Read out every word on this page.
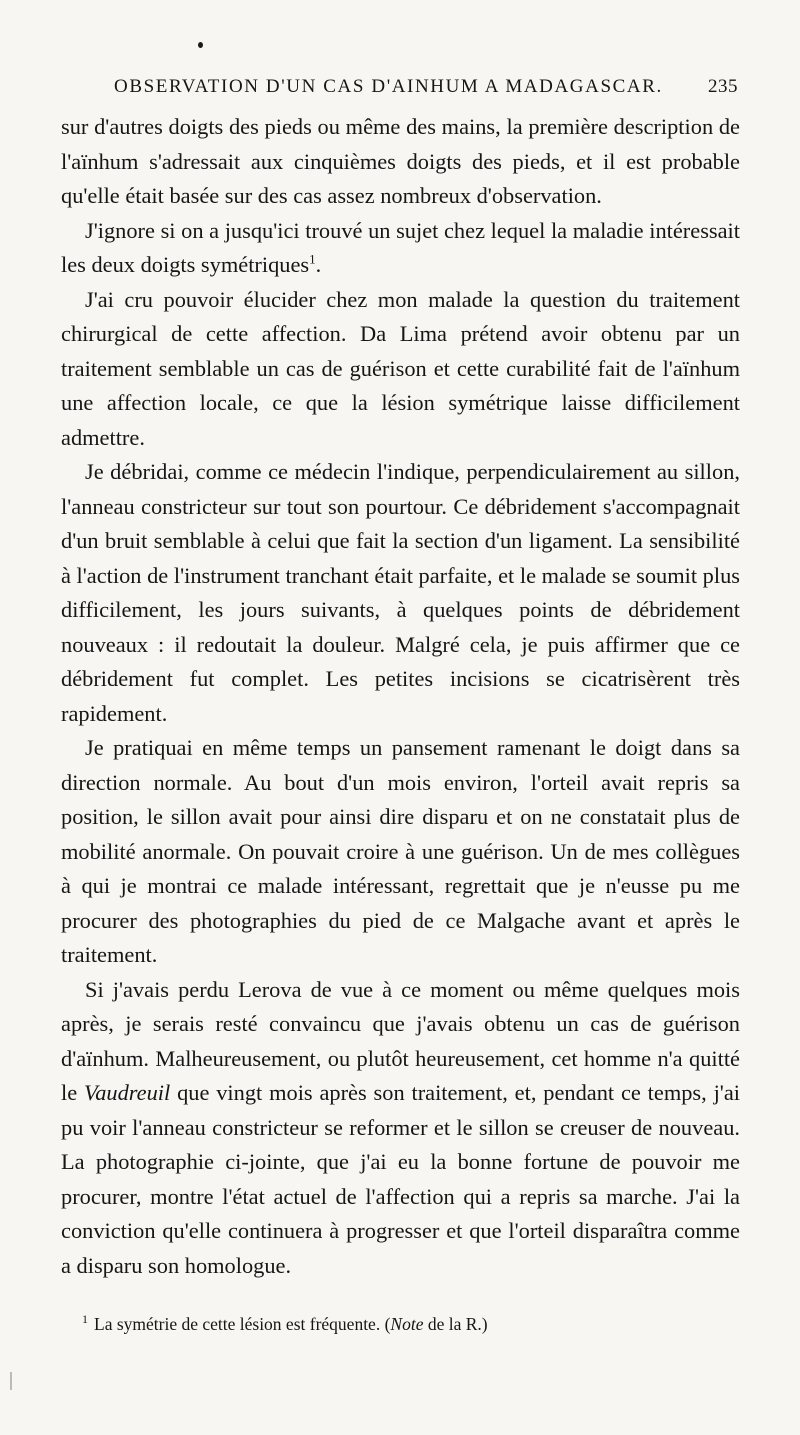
OBSERVATION D'UN CAS D'AINHUM A MADAGASCAR. 235

sur d'autres doigts des pieds ou même des mains, la première description de l'aïnhum s'adressait aux cinquièmes doigts des pieds, et il est probable qu'elle était basée sur des cas assez nombreux d'observation.

J'ignore si on a jusqu'ici trouvé un sujet chez lequel la maladie intéressait les deux doigts symétriques$^1$.

J'ai cru pouvoir élucider chez mon malade la question du traitement chirurgical de cette affection. Da Lima prétend avoir obtenu par un traitement semblable un cas de guérison et cette curabilité fait de l'aïnhum une affection locale, ce que la lésion symétrique laisse difficilement admettre.

Je débridai, comme ce médecin l'indique, perpendiculairement au sillon, l'anneau constricteur sur tout son pourtour. Ce débridement s'accompagnait d'un bruit semblable à celui que fait la section d'un ligament. La sensibilité à l'action de l'instrument tranchant était parfaite, et le malade se soumit plus difficilement, les jours suivants, à quelques points de débridement nouveaux : il redoutait la douleur. Malgré cela, je puis affirmer que ce débridement fut complet. Les petites incisions se cicatrisèrent très rapidement.

Je pratiquai en même temps un pansement ramenant le doigt dans sa direction normale. Au bout d'un mois environ, l'orteil avait repris sa position, le sillon avait pour ainsi dire disparu et on ne constatait plus de mobilité anormale. On pouvait croire à une guérison. Un de mes collègues à qui je montrai ce malade intéressant, regrettait que je n'eusse pu me procurer des photographies du pied de ce Malgache avant et après le traitement.

Si j'avais perdu Lerova de vue à ce moment ou même quelques mois après, je serais resté convaincu que j'avais obtenu un cas de guérison d'aïnhum. Malheureusement, ou plutôt heureusement, cet homme n'a quitté le Vaudreuil que vingt mois après son traitement, et, pendant ce temps, j'ai pu voir l'anneau constricteur se reformer et le sillon se creuser de nouveau. La photographie ci-jointe, que j'ai eu la bonne fortune de pouvoir me procurer, montre l'état actuel de l'affection qui a repris sa marche. J'ai la conviction qu'elle continuera à progresser et que l'orteil disparaîtra comme a disparu son homologue.

$^1$ La symétrie de cette lésion est fréquente. (Note de la R.)
